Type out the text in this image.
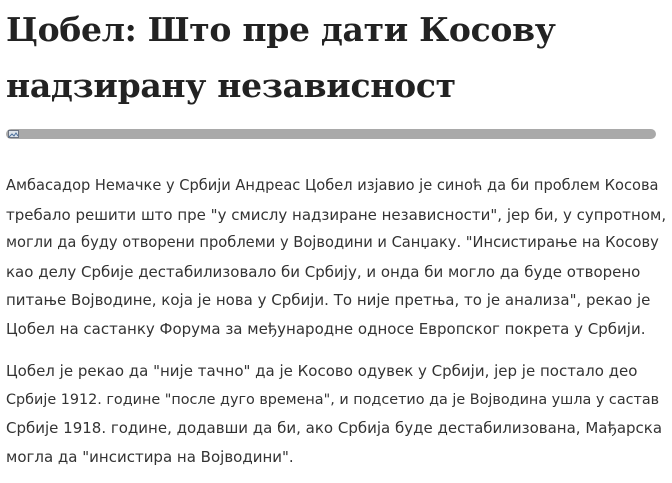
Цобел: Што пре дати Косову
надзирану независност

Амбасадор Немачке у Србији Андреас Цобел изјавио је синоћ да би проблем Косова
требало решити што пре "у смислу надзиране независности", јер би, у супротном,
могли да буду отворени проблеми у Војводини и Санџаку. "Инсистирање на Косову
као делу Србије дестабилизовало би Србију, и онда би могло да буде отворено
питање Војводине, која је нова у Србији. То није претња, то је анализа", рекао је
Цобел на састанку Форума за међународне односе Европског покрета у Србији.

Цобел је рекао да "није тачно" да је Косово одувек у Србији, јер је постало део
Србије 1912. године "после дуго времена", и подсетио да је Војводина ушла у састав
Србије 1918. године, додавши да би, ако Србија буде дестабилизована, Мађарска
могла да "инсистира на Војводини".
